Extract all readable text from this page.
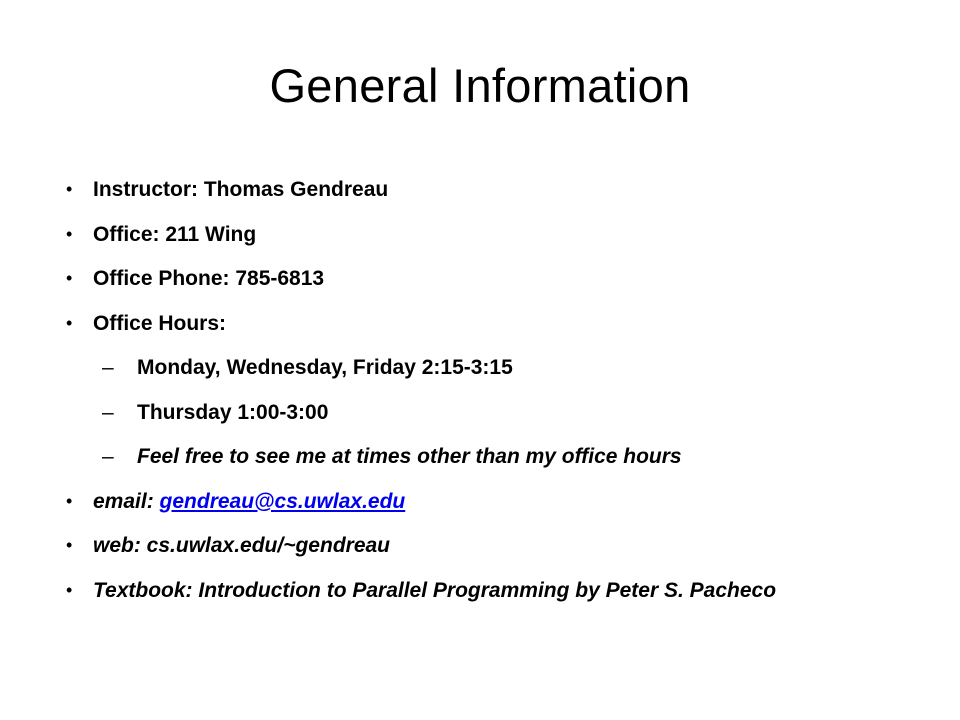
General Information
• Instructor: Thomas Gendreau
• Office: 211 Wing
• Office Phone: 785-6813
• Office Hours:
– Monday, Wednesday, Friday 2:15-3:15
– Thursday 1:00-3:00
– Feel free to see me at times other than my office hours
• email: gendreau@cs.uwlax.edu
• web: cs.uwlax.edu/~gendreau
• Textbook: Introduction to Parallel Programming by Peter S. Pacheco
